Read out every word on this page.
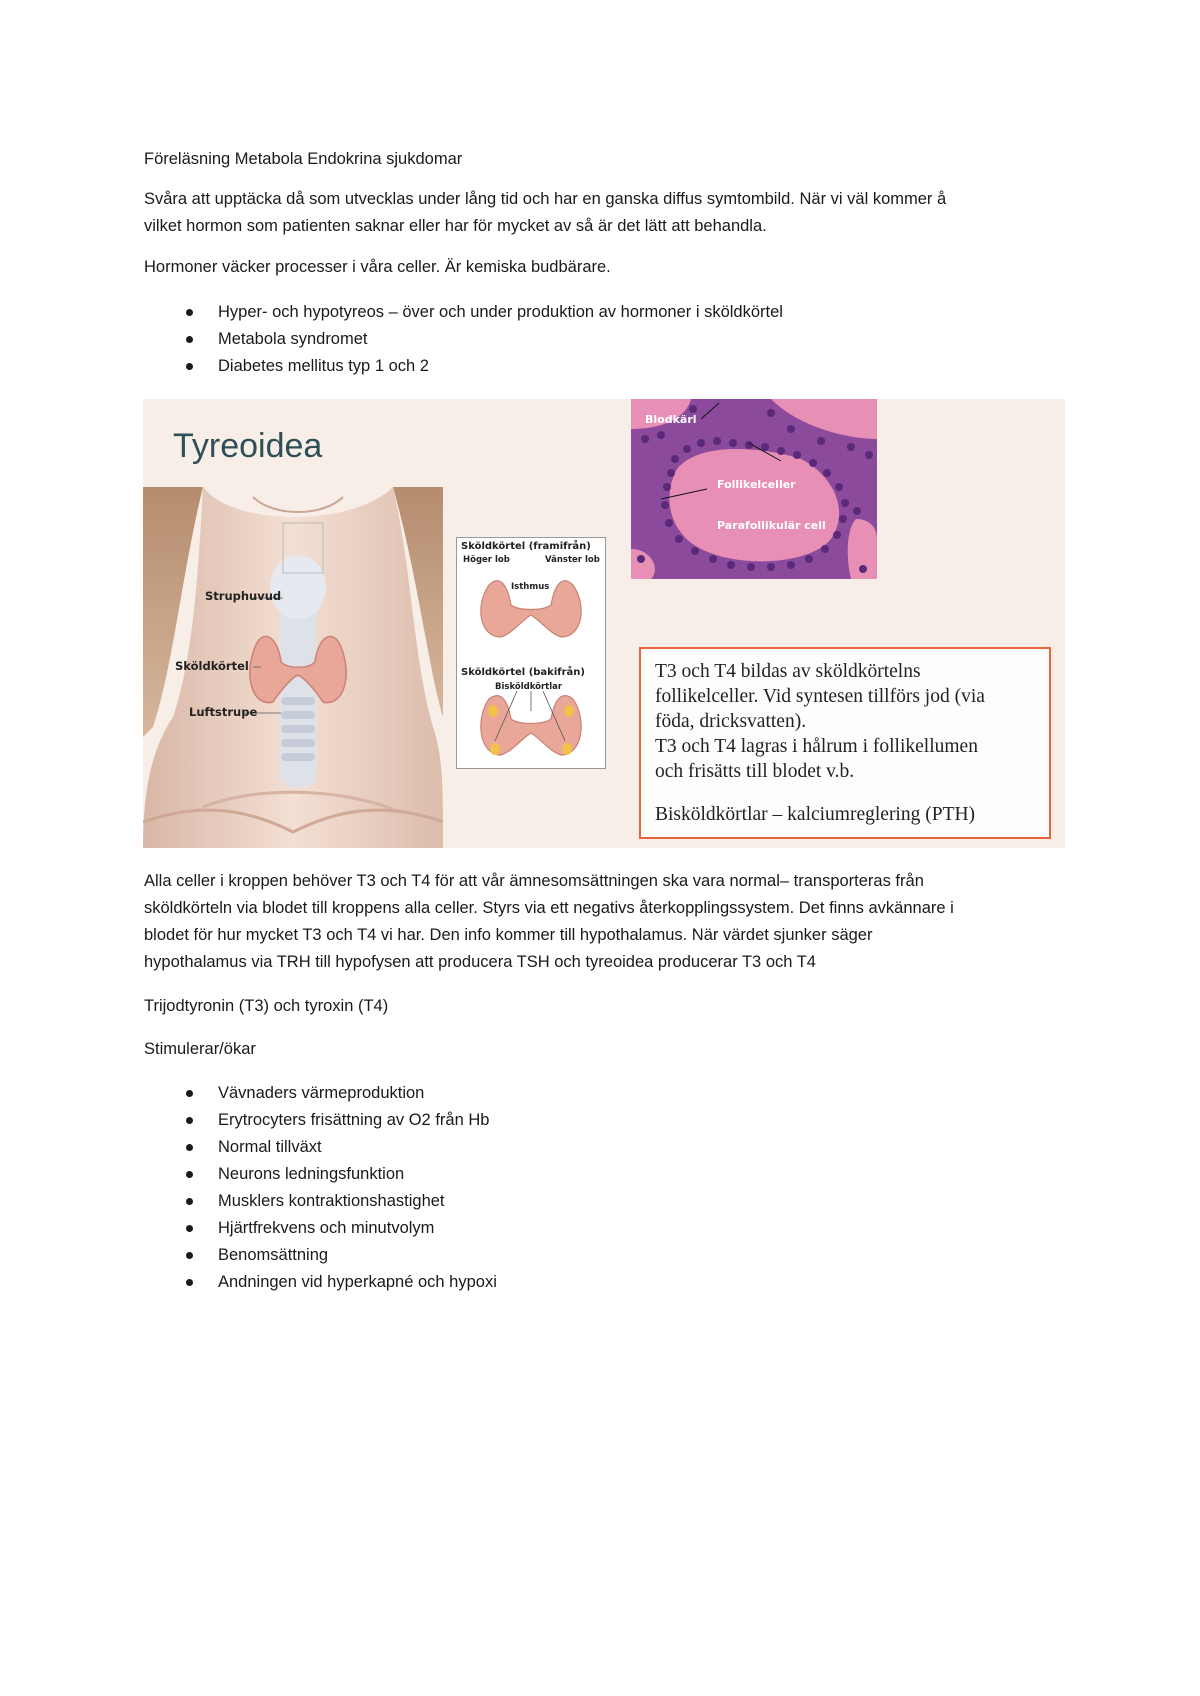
Föreläsning Metabola Endokrina sjukdomar

Svåra att upptäcka då som utvecklas under lång tid och har en ganska diffus symtombild. När vi väl kommer å

vilket hormon som patienten saknar eller har för mycket av så är det lätt att behandla.

Hormoner väcker processer i våra celler. Är kemiska budbärare.

Hyper- och hypotyreos – över och under produktion av hormoner i sköldkörtel
Metabola syndromet
Diabetes mellitus typ 1 och 2
Tyreoidea
Struphuvud
Sköldkörtel
Luftstrupe
Sköldkörtel (framifrån)
Höger lob	Vänster lob
Isthmus
Sköldkörtel (bakifrån)
Bisköldkörtlar
Blodkärl
Follikelceller
Parafollikulär cell

T3 och T4 bildas av sköldkörtelns

follikelceller. Vid syntesen tillförs jod (via

föda, dricksvatten).

T3 och T4 lagras i hålrum i follikellumen

och frisätts till blodet v.b.

Bisköldkörtlar – kalciumreglering (PTH)

Alla celler i kroppen behöver T3 och T4 för att vår ämnesomsättningen ska vara normal– transporteras från

sköldkörteln via blodet till kroppens alla celler. Styrs via ett negativs återkopplingssystem. Det finns avkännare i

blodet för hur mycket T3 och T4 vi har. Den info kommer till hypothalamus. När värdet sjunker säger

hypothalamus via TRH till hypofysen att producera TSH och tyreoidea producerar T3 och T4

Trijodtyronin (T3) och tyroxin (T4)

Stimulerar/ökar

Vävnaders värmeproduktion
Erytrocyters frisättning av O2 från Hb
Normal tillväxt
Neurons ledningsfunktion
Musklers kontraktionshastighet
Hjärtfrekvens och minutvolym
Benomsättning
Andningen vid hyperkapné och hypoxi
